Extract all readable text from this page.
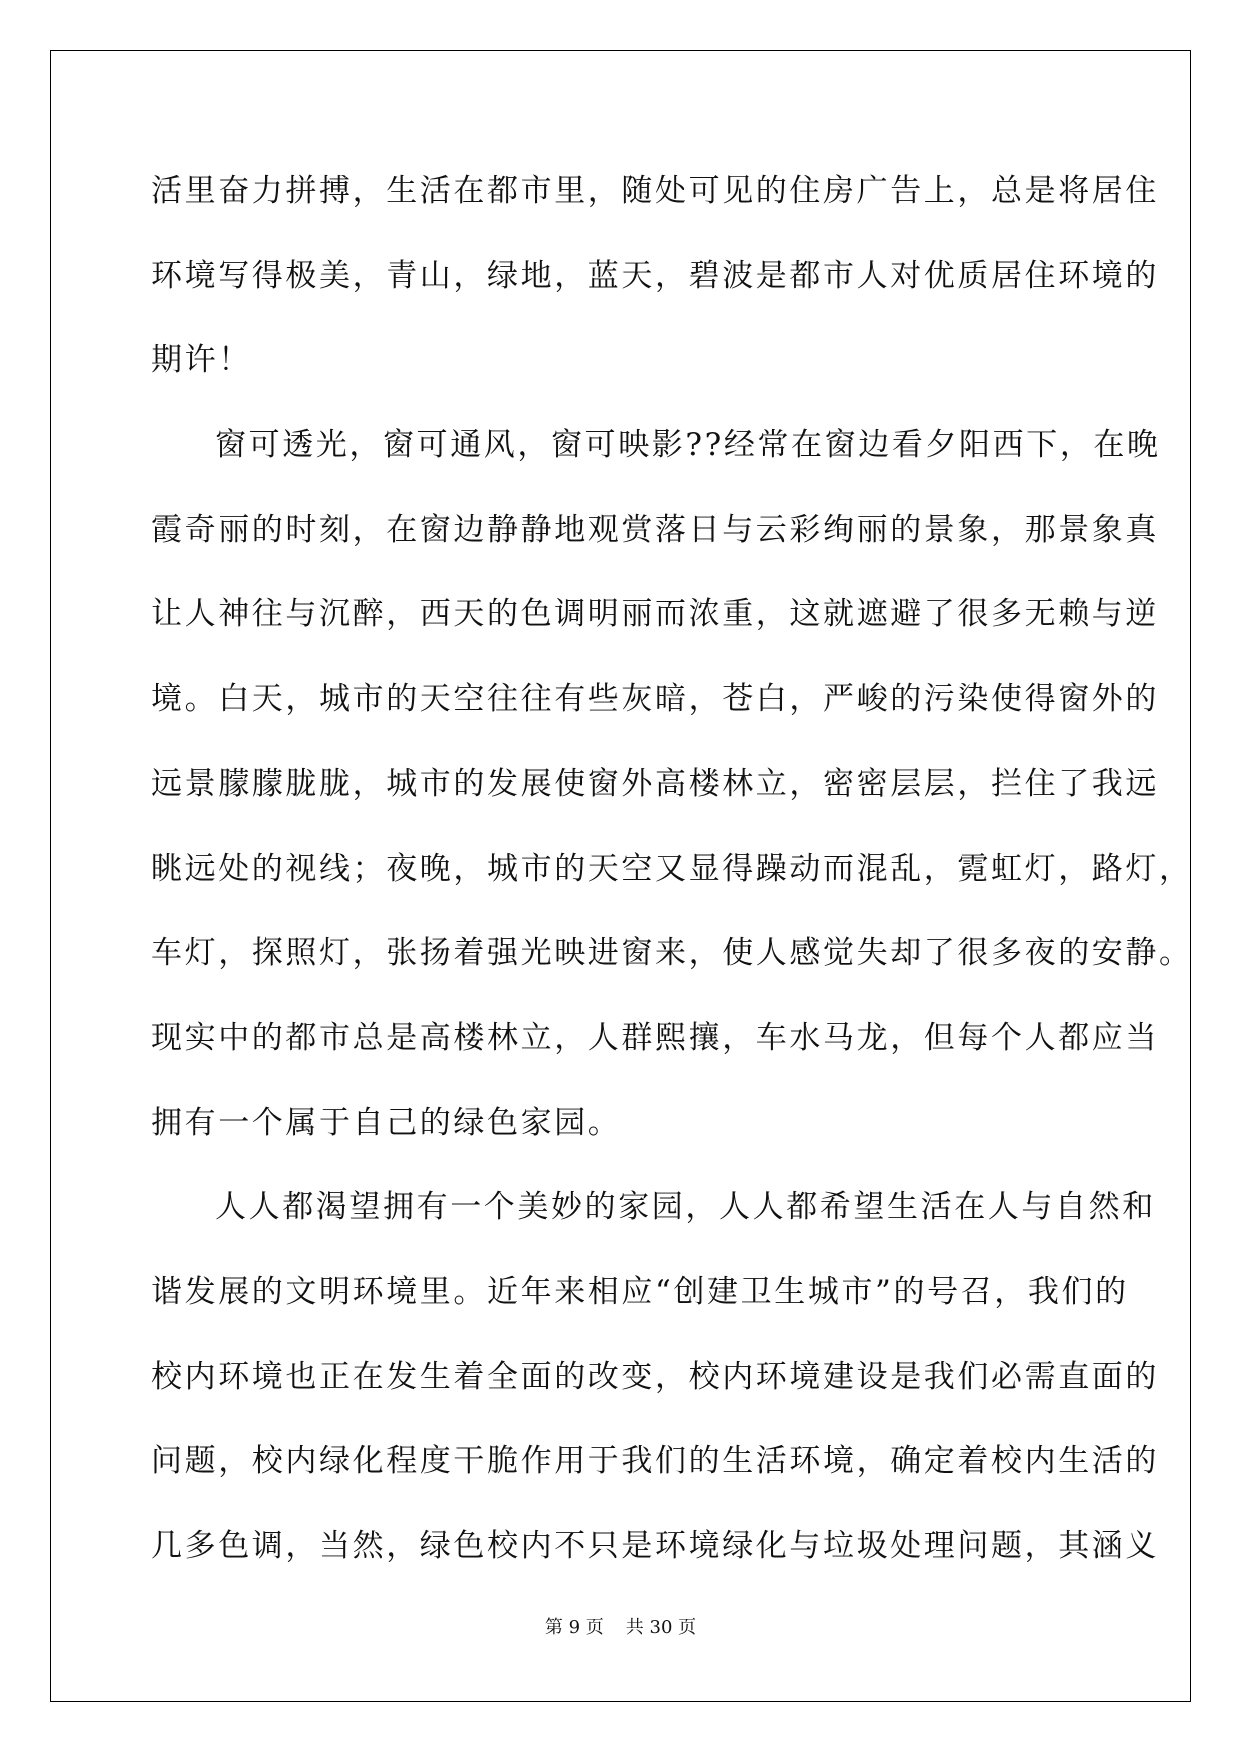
活里奋力拼搏，生活在都市里，随处可见的住房广告上，总是将居住
环境写得极美，青山，绿地，蓝天，碧波是都市人对优质居住环境的
期许！
窗可透光，窗可通风，窗可映影??经常在窗边看夕阳西下，在晚
霞奇丽的时刻，在窗边静静地观赏落日与云彩绚丽的景象，那景象真
让人神往与沉醉，西天的色调明丽而浓重，这就遮避了很多无赖与逆
境。白天，城市的天空往往有些灰暗，苍白，严峻的污染使得窗外的
远景朦朦胧胧，城市的发展使窗外高楼林立，密密层层，拦住了我远
眺远处的视线；夜晚，城市的天空又显得躁动而混乱，霓虹灯，路灯，
车灯，探照灯，张扬着强光映进窗来，使人感觉失却了很多夜的安静。
现实中的都市总是高楼林立，人群熙攘，车水马龙，但每个人都应当
拥有一个属于自己的绿色家园。
人人都渴望拥有一个美妙的家园，人人都希望生活在人与自然和
谐发展的文明环境里。近年来相应“创建卫生城市”的号召，我们的
校内环境也正在发生着全面的改变，校内环境建设是我们必需直面的
问题，校内绿化程度干脆作用于我们的生活环境，确定着校内生活的
几多色调，当然，绿色校内不只是环境绿化与垃圾处理问题，其涵义
第 9 页 共 30 页
